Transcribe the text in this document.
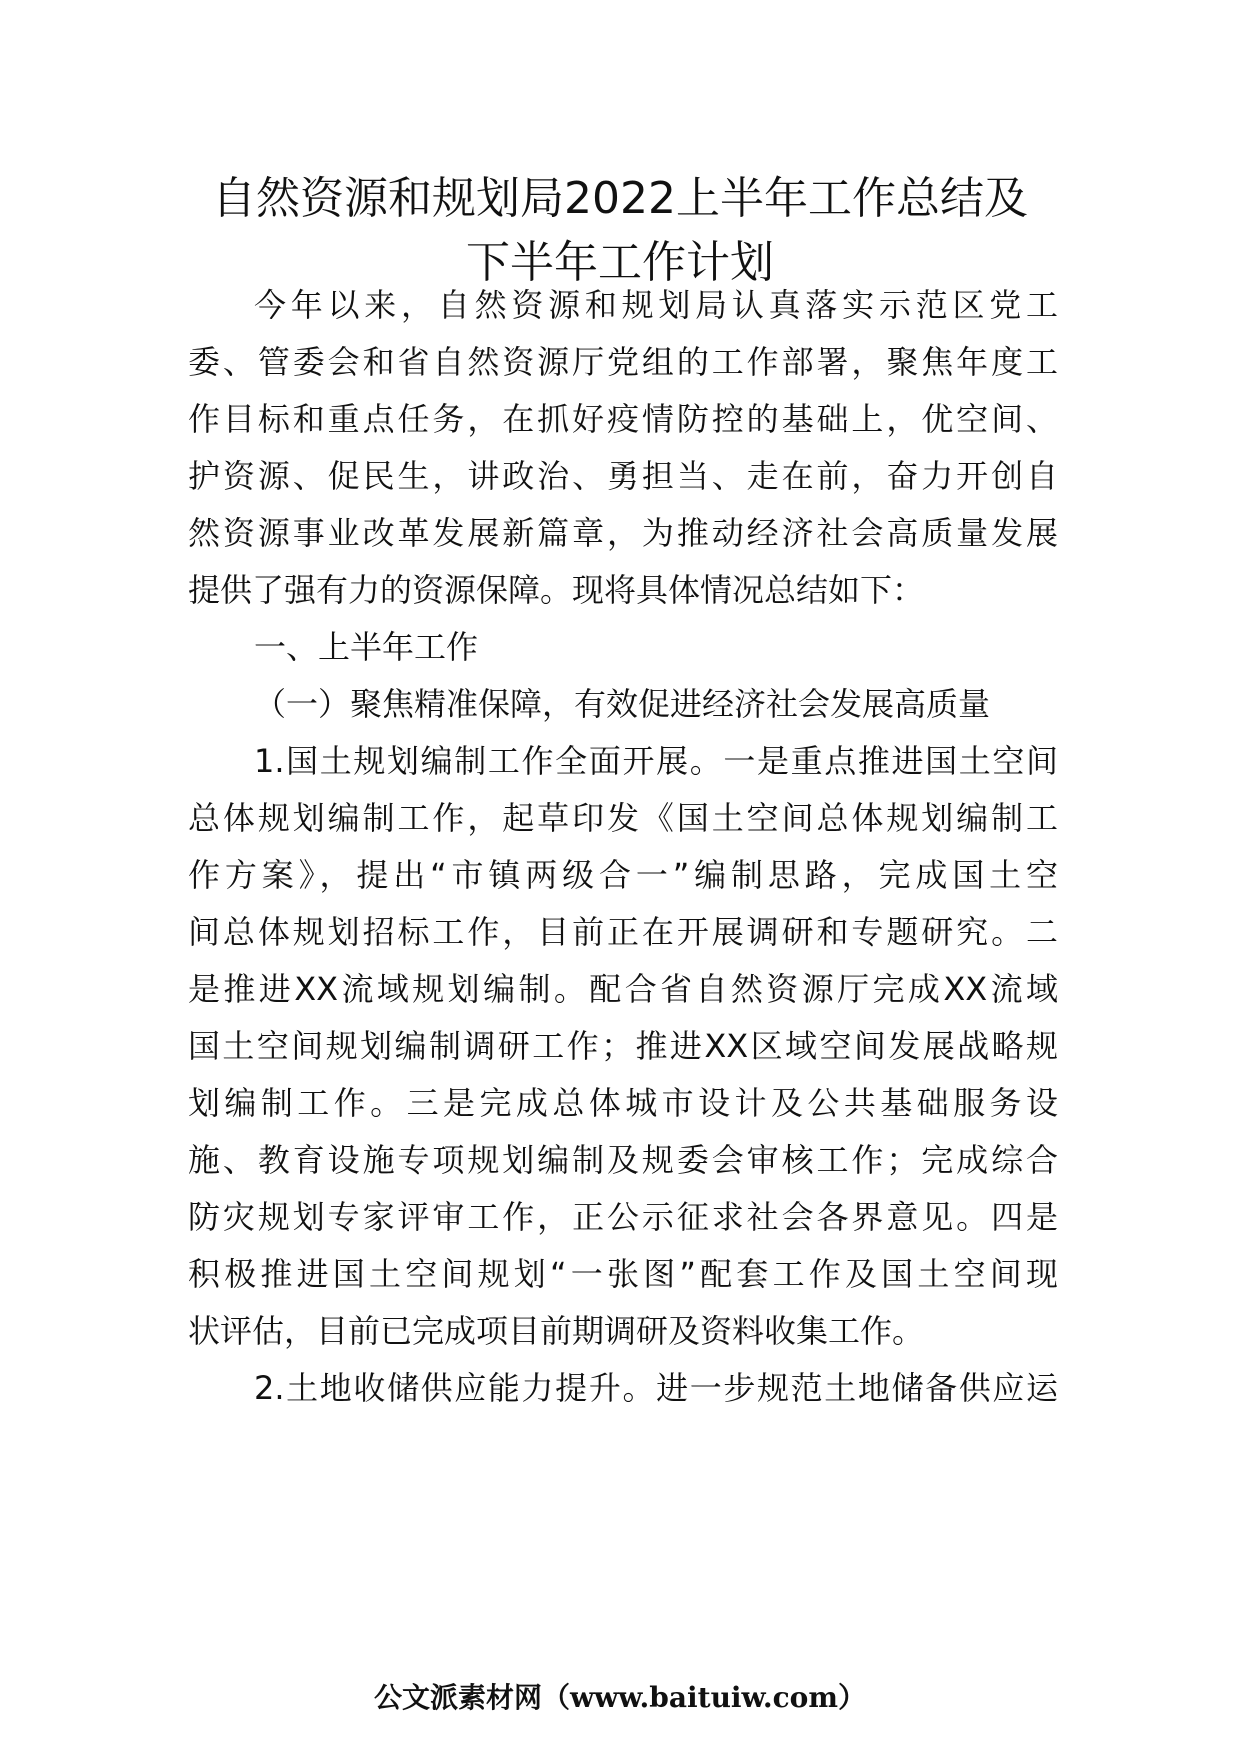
自然资源和规划局2022上半年工作总结及
下半年工作计划
今年以来，自然资源和规划局认真落实示范区党工
委、管委会和省自然资源厅党组的工作部署，聚焦年度工
作目标和重点任务，在抓好疫情防控的基础上，优空间、
护资源、促民生，讲政治、勇担当、走在前，奋力开创自
然资源事业改革发展新篇章，为推动经济社会高质量发展
提供了强有力的资源保障。现将具体情况总结如下：
一、上半年工作
（一）聚焦精准保障，有效促进经济社会发展高质量
1.国土规划编制工作全面开展。一是重点推进国土空间
总体规划编制工作，起草印发《国土空间总体规划编制工
作方案》，提出“市镇两级合一”编制思路，完成国土空
间总体规划招标工作，目前正在开展调研和专题研究。二
是推进XX流域规划编制。配合省自然资源厅完成XX流域
国土空间规划编制调研工作；推进XX区域空间发展战略规
划编制工作。三是完成总体城市设计及公共基础服务设
施、教育设施专项规划编制及规委会审核工作；完成综合
防灾规划专家评审工作，正公示征求社会各界意见。四是
积极推进国土空间规划“一张图”配套工作及国土空间现
状评估，目前已完成项目前期调研及资料收集工作。
2.土地收储供应能力提升。进一步规范土地储备供应运
公文派素材网（www.baituiw.com）
